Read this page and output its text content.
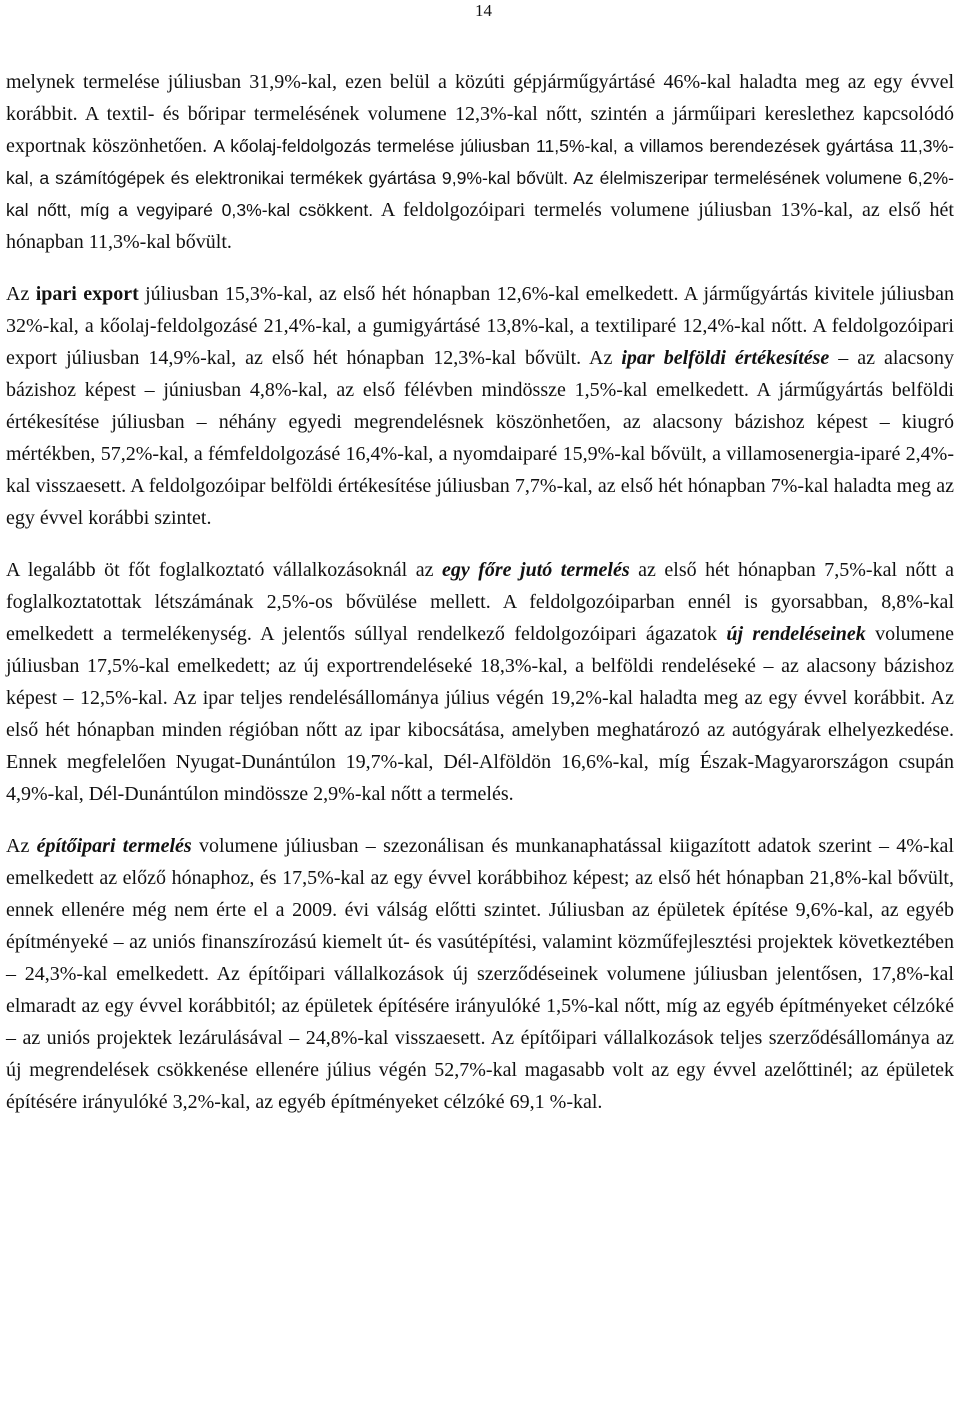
14

melynek termelése júliusban 31,9%-kal, ezen belül a közúti gépjárműgyártásé 46%-kal haladta meg az egy évvel korábbit. A textil- és bőripar termelésének volumene 12,3%-kal nőtt, szintén a járműipari kereslethez kapcsolódó exportnak köszönhetően. A kőolaj-feldolgozás termelése júliusban 11,5%-kal, a villamos berendezések gyártása 11,3%-kal, a számítógépek és elektronikai termékek gyártása 9,9%-kal bővült. Az élelmiszeripar termelésének volumene 6,2%-kal nőtt, míg a vegyiparé 0,3%-kal csökkent. A feldolgozóipari termelés volumene júliusban 13%-kal, az első hét hónapban 11,3%-kal bővült.

Az ipari export júliusban 15,3%-kal, az első hét hónapban 12,6%-kal emelkedett. A járműgyártás kivitele júliusban 32%-kal, a kőolaj-feldolgozásé 21,4%-kal, a gumigyártásé 13,8%-kal, a textiliparé 12,4%-kal nőtt. A feldolgozóipari export júliusban 14,9%-kal, az első hét hónapban 12,3%-kal bővült. Az ipar belföldi értékesítése – az alacsony bázishoz képest – júniusban 4,8%-kal, az első félévben mindössze 1,5%-kal emelkedett. A járműgyártás belföldi értékesítése júliusban – néhány egyedi megrendelésnek köszönhetően, az alacsony bázishoz képest – kiugró mértékben, 57,2%-kal, a fémfeldolgozásé 16,4%-kal, a nyomdaiparé 15,9%-kal bővült, a villamosenergia-iparé 2,4%-kal visszaesett. A feldolgozóipar belföldi értékesítése júliusban 7,7%-kal, az első hét hónapban 7%-kal haladta meg az egy évvel korábbi szintet.

A legalább öt főt foglalkoztató vállalkozásoknál az egy főre jutó termelés az első hét hónapban 7,5%-kal nőtt a foglalkoztatottak létszámának 2,5%-os bővülése mellett. A feldolgozóiparban ennél is gyorsabban, 8,8%-kal emelkedett a termelékenység. A jelentős súllyal rendelkező feldolgozóipari ágazatok új rendeléseinek volumene júliusban 17,5%-kal emelkedett; az új exportrendeléseké 18,3%-kal, a belföldi rendeléseké – az alacsony bázishoz képest – 12,5%-kal. Az ipar teljes rendelésállománya július végén 19,2%-kal haladta meg az egy évvel korábbit. Az első hét hónapban minden régióban nőtt az ipar kibocsátása, amelyben meghatározó az autógyárak elhelyezkedése. Ennek megfelelően Nyugat-Dunántúlon 19,7%-kal, Dél-Alföldön 16,6%-kal, míg Észak-Magyarországon csupán 4,9%-kal, Dél-Dunántúlon mindössze 2,9%-kal nőtt a termelés.

Az építőipari termelés volumene júliusban – szezonálisan és munkanaphatással kiigazított adatok szerint – 4%-kal emelkedett az előző hónaphoz, és 17,5%-kal az egy évvel korábbihoz képest; az első hét hónapban 21,8%-kal bővült, ennek ellenére még nem érte el a 2009. évi válság előtti szintet. Júliusban az épületek építése 9,6%-kal, az egyéb építményeké – az uniós finanszírozású kiemelt út- és vasútépítési, valamint közműfejlesztési projektek következtében – 24,3%-kal emelkedett. Az építőipari vállalkozások új szerződéseinek volumene júliusban jelentősen, 17,8%-kal elmaradt az egy évvel korábbitól; az épületek építésére irányulóké 1,5%-kal nőtt, míg az egyéb építményeket célzóké – az uniós projektek lezárulásával – 24,8%-kal visszaesett. Az építőipari vállalkozások teljes szerződésállománya az új megrendelések csökkenése ellenére július végén 52,7%-kal magasabb volt az egy évvel azelőttinél; az épületek építésére irányulóké 3,2%-kal, az egyéb építményeket célzóké 69,1 %-kal.
